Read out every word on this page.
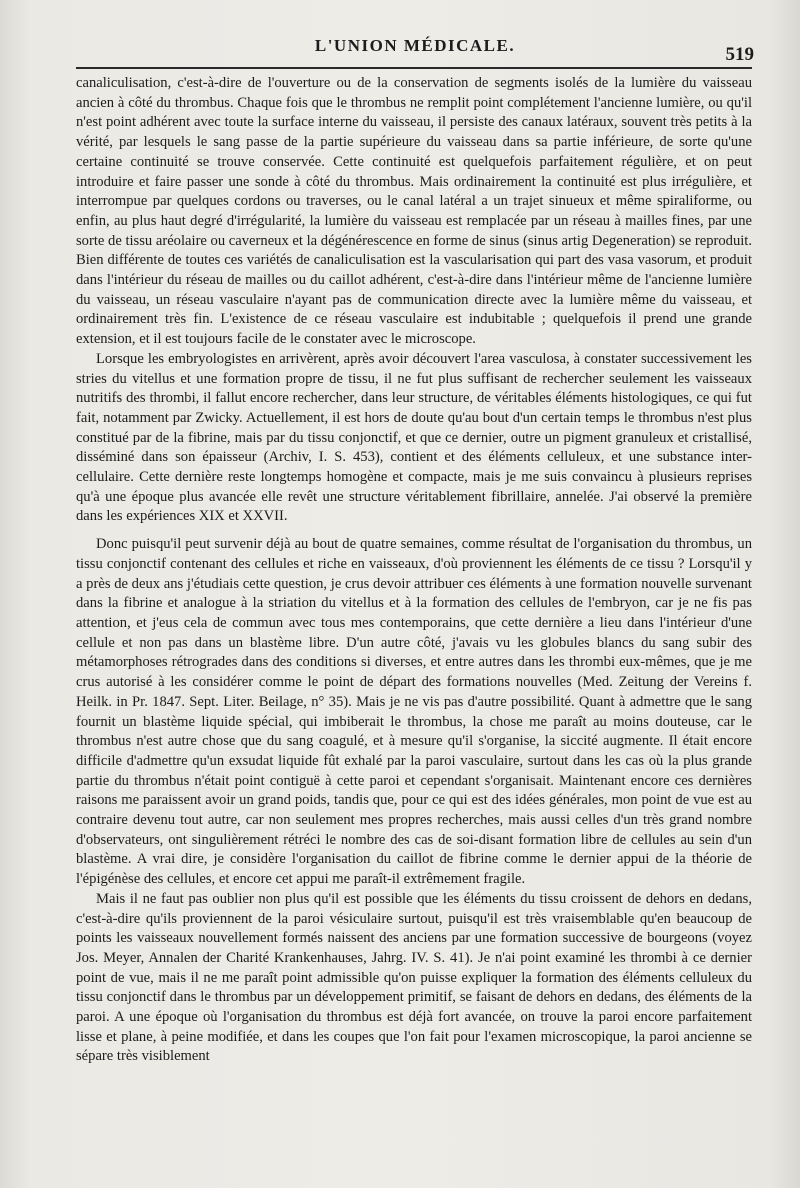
L'UNION MÉDICALE.	519

canaliculisation, c'est-à-dire de l'ouverture ou de la conservation de segments isolés de la lumière du vaisseau ancien à côté du thrombus. Chaque fois que le thrombus ne remplit point complétement l'ancienne lumière, ou qu'il n'est point adhérent avec toute la surface interne du vaisseau, il persiste des canaux latéraux, souvent très petits à la vérité, par lesquels le sang passe de la partie supérieure du vaisseau dans sa partie inférieure, de sorte qu'une certaine continuité se trouve conservée. Cette continuité est quelquefois parfaitement régulière, et on peut introduire et faire passer une sonde à côté du thrombus. Mais ordinairement la continuité est plus irrégulière, et interrompue par quelques cordons ou traverses, ou le canal latéral a un trajet sinueux et même spiraliforme, ou enfin, au plus haut degré d'irrégularité, la lumière du vaisseau est remplacée par un réseau à mailles fines, par une sorte de tissu aréolaire ou caverneux et la dégénérescence en forme de sinus (sinus artig Degeneration) se reproduit. Bien différente de toutes ces variétés de canaliculisation est la vascularisation qui part des vasa vasorum, et produit dans l'intérieur du réseau de mailles ou du caillot adhérent, c'est-à-dire dans l'intérieur même de l'ancienne lumière du vaisseau, un réseau vasculaire n'ayant pas de communication directe avec la lumière même du vaisseau, et ordinairement très fin. L'existence de ce réseau vasculaire est indubitable ; quelquefois il prend une grande extension, et il est toujours facile de le constater avec le microscope.

Lorsque les embryologistes en arrivèrent, après avoir découvert l'area vasculosa, à constater successivement les stries du vitellus et une formation propre de tissu, il ne fut plus suffisant de rechercher seulement les vaisseaux nutritifs des thrombi, il fallut encore rechercher, dans leur structure, de véritables éléments histologiques, ce qui fut fait, notamment par Zwicky. Actuellement, il est hors de doute qu'au bout d'un certain temps le thrombus n'est plus constitué par de la fibrine, mais par du tissu conjonctif, et que ce dernier, outre un pigment granuleux et cristallisé, disséminé dans son épaisseur (Archiv, I. S. 453), contient et des éléments celluleux, et une substance inter-cellulaire. Cette dernière reste longtemps homogène et compacte, mais je me suis convaincu à plusieurs reprises qu'à une époque plus avancée elle revêt une structure véritablement fibrillaire, annelée. J'ai observé la première dans les expériences XIX et XXVII.

Donc puisqu'il peut survenir déjà au bout de quatre semaines, comme résultat de l'organisation du thrombus, un tissu conjonctif contenant des cellules et riche en vaisseaux, d'où proviennent les éléments de ce tissu ? Lorsqu'il y a près de deux ans j'étudiais cette question, je crus devoir attribuer ces éléments à une formation nouvelle survenant dans la fibrine et analogue à la striation du vitellus et à la formation des cellules de l'embryon, car je ne fis pas attention, et j'eus cela de commun avec tous mes contemporains, que cette dernière a lieu dans l'intérieur d'une cellule et non pas dans un blastème libre. D'un autre côté, j'avais vu les globules blancs du sang subir des métamorphoses rétrogrades dans des conditions si diverses, et entre autres dans les thrombi eux-mêmes, que je me crus autorisé à les considérer comme le point de départ des formations nouvelles (Med. Zeitung der Vereins f. Heilk. in Pr. 1847. Sept. Liter. Beilage, n° 35). Mais je ne vis pas d'autre possibilité. Quant à admettre que le sang fournit un blastème liquide spécial, qui imbiberait le thrombus, la chose me paraît au moins douteuse, car le thrombus n'est autre chose que du sang coagulé, et à mesure qu'il s'organise, la siccité augmente. Il était encore difficile d'admettre qu'un exsudat liquide fût exhalé par la paroi vasculaire, surtout dans les cas où la plus grande partie du thrombus n'était point contiguë à cette paroi et cependant s'organisait. Maintenant encore ces dernières raisons me paraissent avoir un grand poids, tandis que, pour ce qui est des idées générales, mon point de vue est au contraire devenu tout autre, car non seulement mes propres recherches, mais aussi celles d'un très grand nombre d'observateurs, ont singulièrement rétréci le nombre des cas de soi-disant formation libre de cellules au sein d'un blastème. A vrai dire, je considère l'organisation du caillot de fibrine comme le dernier appui de la théorie de l'épigénèse des cellules, et encore cet appui me paraît-il extrêmement fragile.

Mais il ne faut pas oublier non plus qu'il est possible que les éléments du tissu croissent de dehors en dedans, c'est-à-dire qu'ils proviennent de la paroi vésiculaire surtout, puisqu'il est très vraisemblable qu'en beaucoup de points les vaisseaux nouvellement formés naissent des anciens par une formation successive de bourgeons (voyez Jos. Meyer, Annalen der Charité Krankenhauses, Jahrg. IV. S. 41). Je n'ai point examiné les thrombi à ce dernier point de vue, mais il ne me paraît point admissible qu'on puisse expliquer la formation des éléments celluleux du tissu conjonctif dans le thrombus par un développement primitif, se faisant de dehors en dedans, des éléments de la paroi. A une époque où l'organisation du thrombus est déjà fort avancée, on trouve la paroi encore parfaitement lisse et plane, à peine modifiée, et dans les coupes que l'on fait pour l'examen microscopique, la paroi ancienne se sépare très visiblement
